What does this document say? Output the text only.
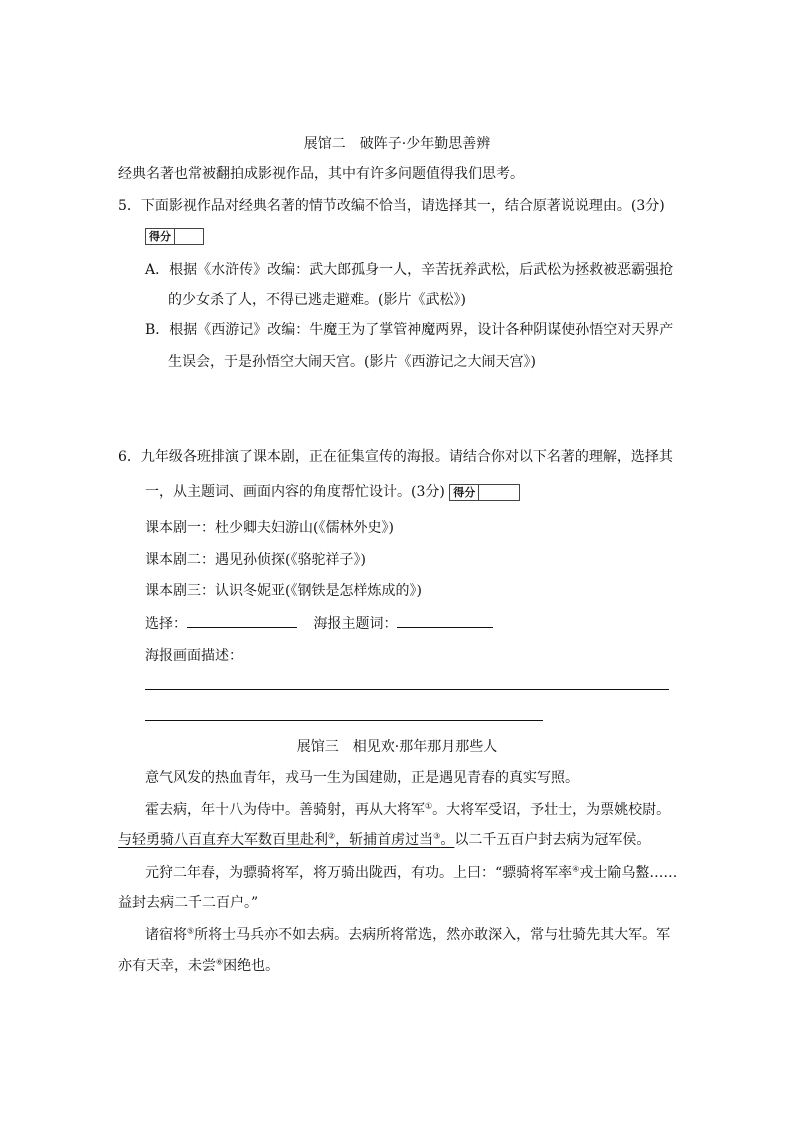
展馆二　破阵子·少年勤思善辨
经典名著也常被翻拍成影视作品，其中有许多问题值得我们思考。
5．下面影视作品对经典名著的情节改编不恰当，请选择其一，结合原著说说理由。(3分)
得分
A．根据《水浒传》改编：武大郎孤身一人，辛苦抚养武松，后武松为拯救被恶霸强抢
的少女杀了人，不得已逃走避难。(影片《武松》)
B．根据《西游记》改编：牛魔王为了掌管神魔两界，设计各种阴谋使孙悟空对天界产
生误会，于是孙悟空大闹天宫。(影片《西游记之大闹天宫》)
6．九年级各班排演了课本剧，正在征集宣传的海报。请结合你对以下名著的理解，选择其
一，从主题词、画面内容的角度帮忙设计。(3分) 得分
课本剧一：杜少卿夫妇游山(《儒林外史》)
课本剧二：遇见孙侦探(《骆驼祥子》)
课本剧三：认识冬妮亚(《钢铁是怎样炼成的》)
选择：	海报主题词：
海报画面描述：
展馆三　相见欢·那年那月那些人
意气风发的热血青年，戎马一生为国建勋，正是遇见青春的真实写照。
霍去病，年十八为侍中。善骑射，再从大将军①。大将军受诏，予壮士，为票姚校尉。
与轻勇骑八百直弃大军数百里赴利②，斩捕首虏过当③。以二千五百户封去病为冠军侯。
元狩二年春，为骠骑将军，将万骑出陇西，有功。上曰：“骠骑将军率④戎士隃乌盭……
益封去病二千二百户。”
诸宿将⑤所将士马兵亦不如去病。去病所将常选，然亦敢深入，常与壮骑先其大军。军
亦有天幸，未尝⑥困绝也。
